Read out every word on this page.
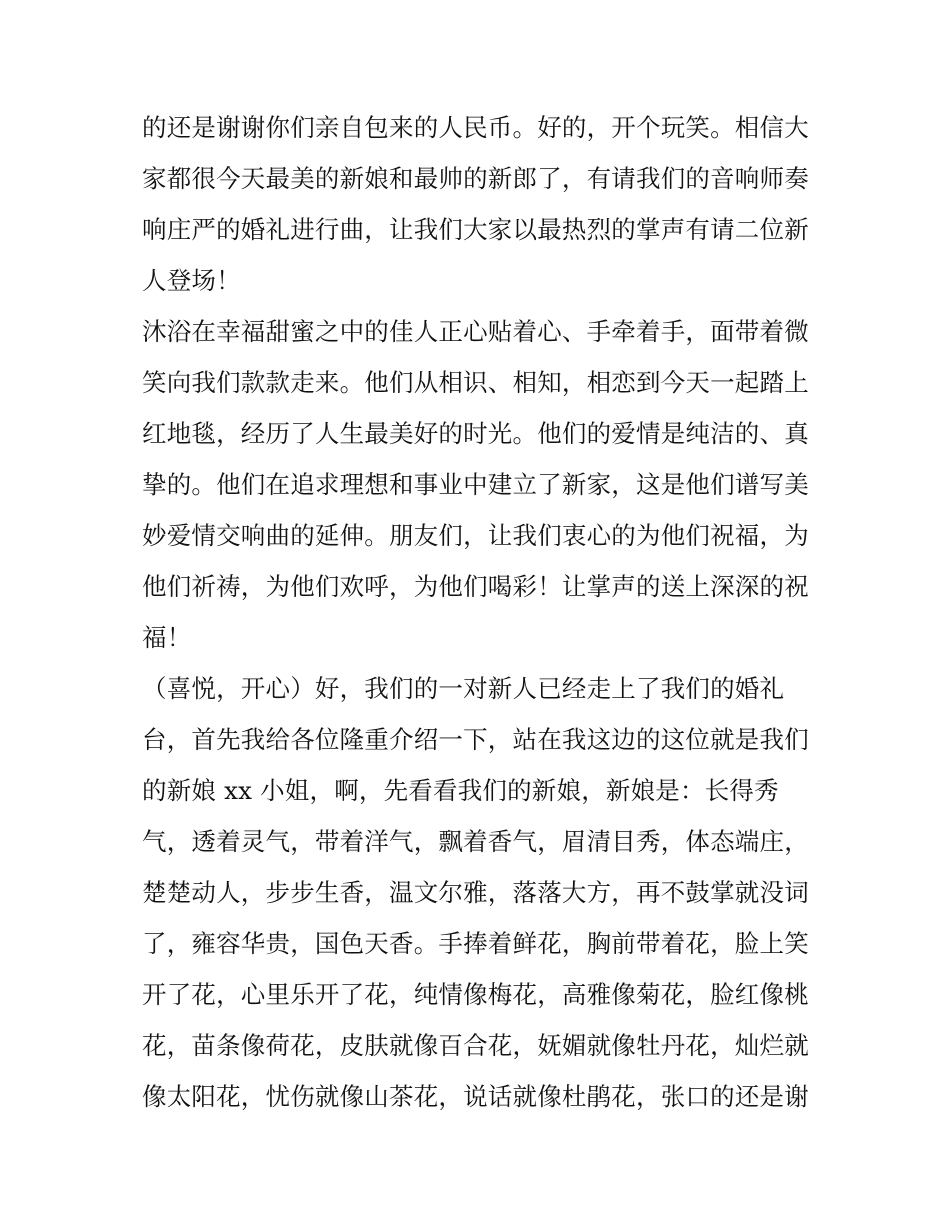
的还是谢谢你们亲自包来的人民币。好的，开个玩笑。相信大

家都很今天最美的新娘和最帅的新郎了，有请我们的音响师奏

响庄严的婚礼进行曲，让我们大家以最热烈的掌声有请二位新

人登场！

沐浴在幸福甜蜜之中的佳人正心贴着心、手牵着手，面带着微

笑向我们款款走来。他们从相识、相知，相恋到今天一起踏上

红地毯，经历了人生最美好的时光。他们的爱情是纯洁的、真

挚的。他们在追求理想和事业中建立了新家，这是他们谱写美

妙爱情交响曲的延伸。朋友们，让我们衷心的为他们祝福，为

他们祈祷，为他们欢呼，为他们喝彩！让掌声的送上深深的祝

福！

（喜悦，开心）好，我们的一对新人已经走上了我们的婚礼

台，首先我给各位隆重介绍一下，站在我这边的这位就是我们

的新娘 xx 小姐，啊，先看看我们的新娘，新娘是：长得秀

气，透着灵气，带着洋气，飘着香气，眉清目秀，体态端庄，

楚楚动人，步步生香，温文尔雅，落落大方，再不鼓掌就没词

了，雍容华贵，国色天香。手捧着鲜花，胸前带着花，脸上笑

开了花，心里乐开了花，纯情像梅花，高雅像菊花，脸红像桃

花，苗条像荷花，皮肤就像百合花，妩媚就像牡丹花，灿烂就

像太阳花，忧伤就像山茶花，说话就像杜鹃花，张口的还是谢
